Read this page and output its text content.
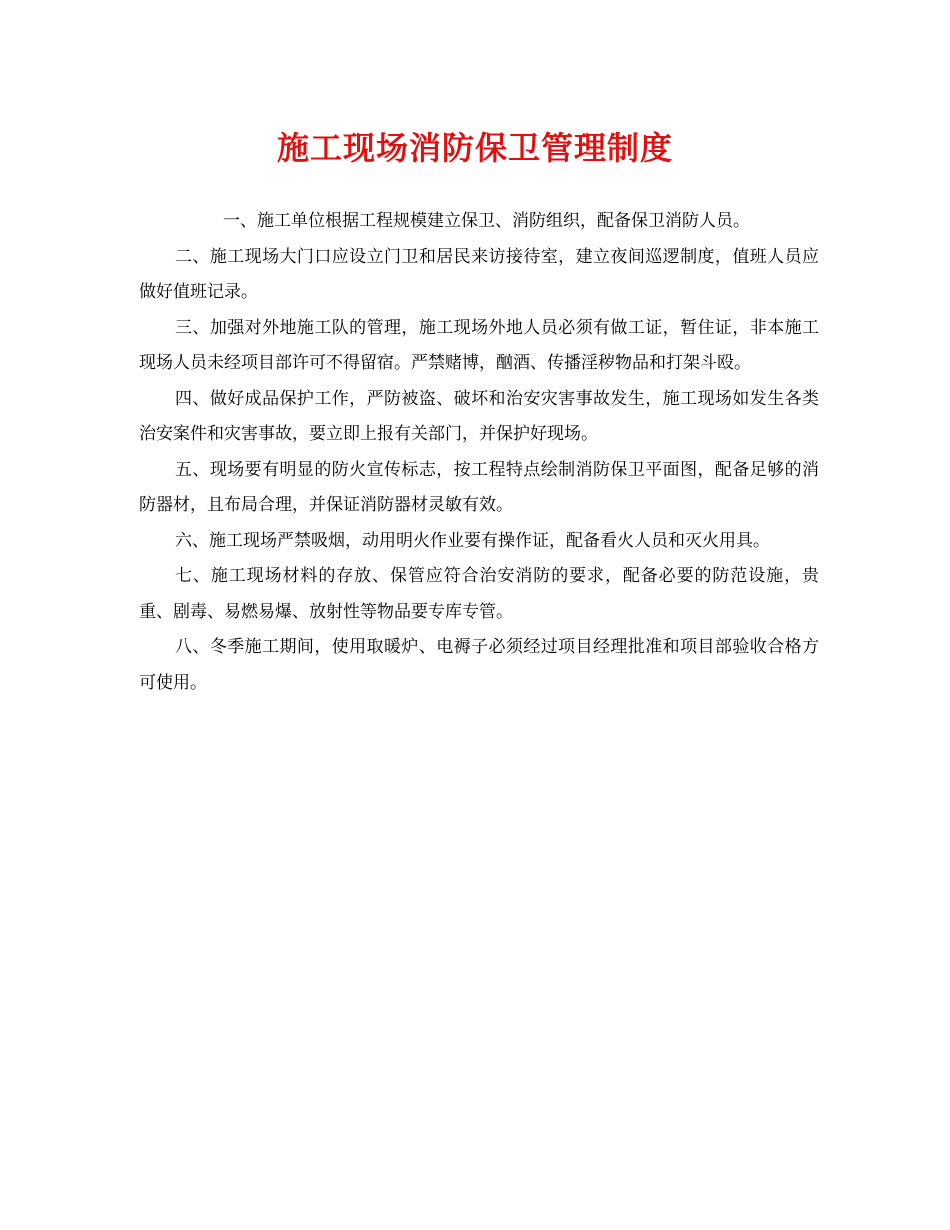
施工现场消防保卫管理制度

一、施工单位根据工程规模建立保卫、消防组织，配备保卫消防人员。

二、施工现场大门口应设立门卫和居民来访接待室，建立夜间巡逻制度，值班人员应做好值班记录。

三、加强对外地施工队的管理，施工现场外地人员必须有做工证，暂住证，非本施工现场人员未经项目部许可不得留宿。严禁赌博，酗酒、传播淫秽物品和打架斗殴。

四、做好成品保护工作，严防被盗、破坏和治安灾害事故发生，施工现场如发生各类治安案件和灾害事故，要立即上报有关部门，并保护好现场。

五、现场要有明显的防火宣传标志，按工程特点绘制消防保卫平面图，配备足够的消防器材，且布局合理，并保证消防器材灵敏有效。

六、施工现场严禁吸烟，动用明火作业要有操作证，配备看火人员和灭火用具。

七、施工现场材料的存放、保管应符合治安消防的要求，配备必要的防范设施，贵重、剧毒、易燃易爆、放射性等物品要专库专管。

八、冬季施工期间，使用取暖炉、电褥子必须经过项目经理批准和项目部验收合格方可使用。
